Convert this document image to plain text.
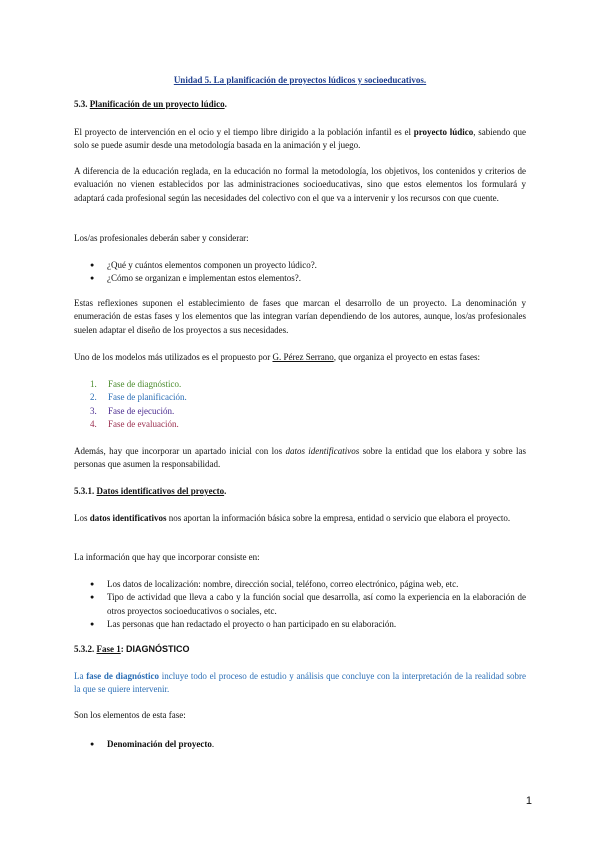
Unidad 5. La planificación de proyectos lúdicos y socioeducativos.

5.3. Planificación de un proyecto lúdico.

El proyecto de intervención en el ocio y el tiempo libre dirigido a la población infantil es el proyecto lúdico, sabiendo que solo se puede asumir desde una metodología basada en la animación y el juego.

A diferencia de la educación reglada, en la educación no formal la metodología, los objetivos, los contenidos y criterios de evaluación no vienen establecidos por las administraciones socioeducativas, sino que estos elementos los formulará y adaptará cada profesional según las necesidades del colectivo con el que va a intervenir y los recursos con que cuente.

Los/as profesionales deberán saber y considerar:

● ¿Qué y cuántos elementos componen un proyecto lúdico?.
● ¿Cómo se organizan e implementan estos elementos?.

Estas reflexiones suponen el establecimiento de fases que marcan el desarrollo de un proyecto. La denominación y enumeración de estas fases y los elementos que las integran varían dependiendo de los autores, aunque, los/as profesionales suelen adaptar el diseño de los proyectos a sus necesidades.

Uno de los modelos más utilizados es el propuesto por G. Pérez Serrano, que organiza el proyecto en estas fases:

1. Fase de diagnóstico.
2. Fase de planificación.
3. Fase de ejecución.
4. Fase de evaluación.

Además, hay que incorporar un apartado inicial con los datos identificativos sobre la entidad que los elabora y sobre las personas que asumen la responsabilidad.

5.3.1. Datos identificativos del proyecto.

Los datos identificativos nos aportan la información básica sobre la empresa, entidad o servicio que elabora el proyecto.

La información que hay que incorporar consiste en:

● Los datos de localización: nombre, dirección social, teléfono, correo electrónico, página web, etc.
● Tipo de actividad que lleva a cabo y la función social que desarrolla, así como la experiencia en la elaboración de otros proyectos socioeducativos o sociales, etc.
● Las personas que han redactado el proyecto o han participado en su elaboración.

5.3.2. Fase 1: DIAGNÓSTICO

La fase de diagnóstico incluye todo el proceso de estudio y análisis que concluye con la interpretación de la realidad sobre la que se quiere intervenir.

Son los elementos de esta fase:

● Denominación del proyecto.
1
